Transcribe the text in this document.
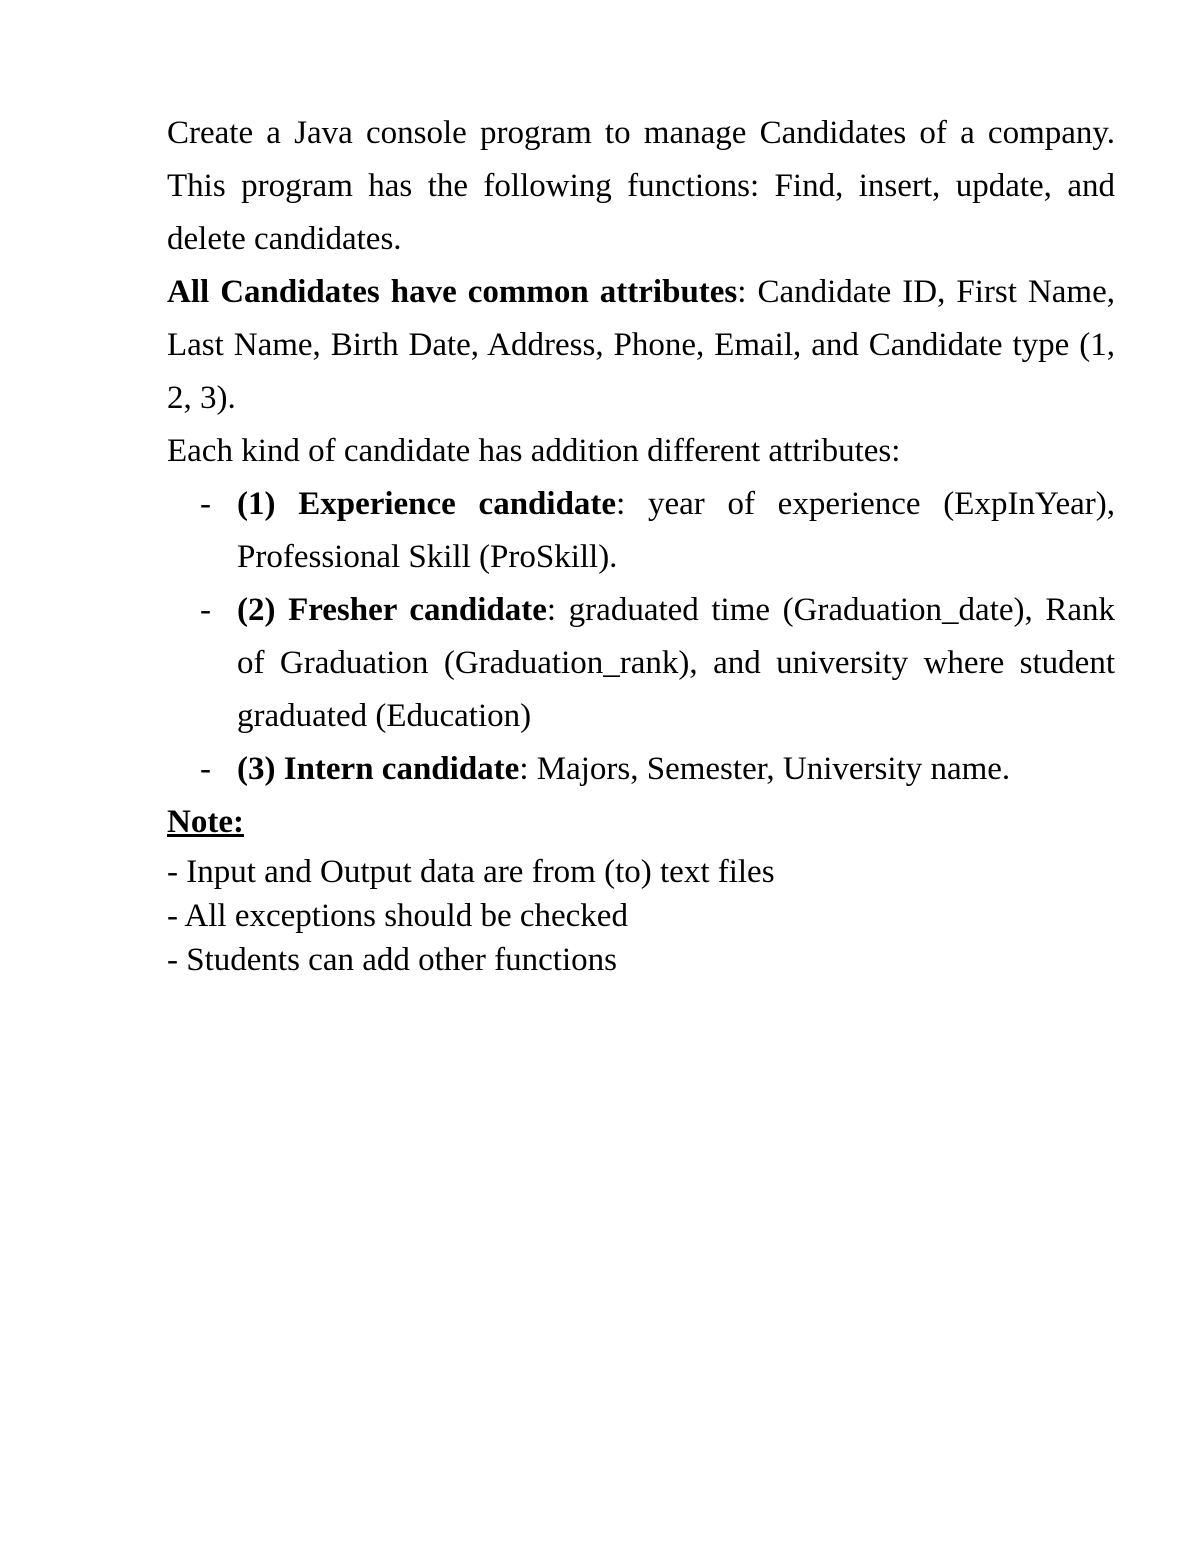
Create a Java console program to manage Candidates of a company. This program has the following functions: Find, insert, update, and delete candidates.

All Candidates have common attributes: Candidate ID, First Name, Last Name, Birth Date, Address, Phone, Email, and Candidate type (1, 2, 3).

Each kind of candidate has addition different attributes:

- (1) Experience candidate: year of experience (ExpInYear), Professional Skill (ProSkill).
- (2) Fresher candidate: graduated time (Graduation_date), Rank of Graduation (Graduation_rank), and university where student graduated (Education)
- (3) Intern candidate: Majors, Semester, University name.

Note:

- Input and Output data are from (to) text files

- All exceptions should be checked

- Students can add other functions
